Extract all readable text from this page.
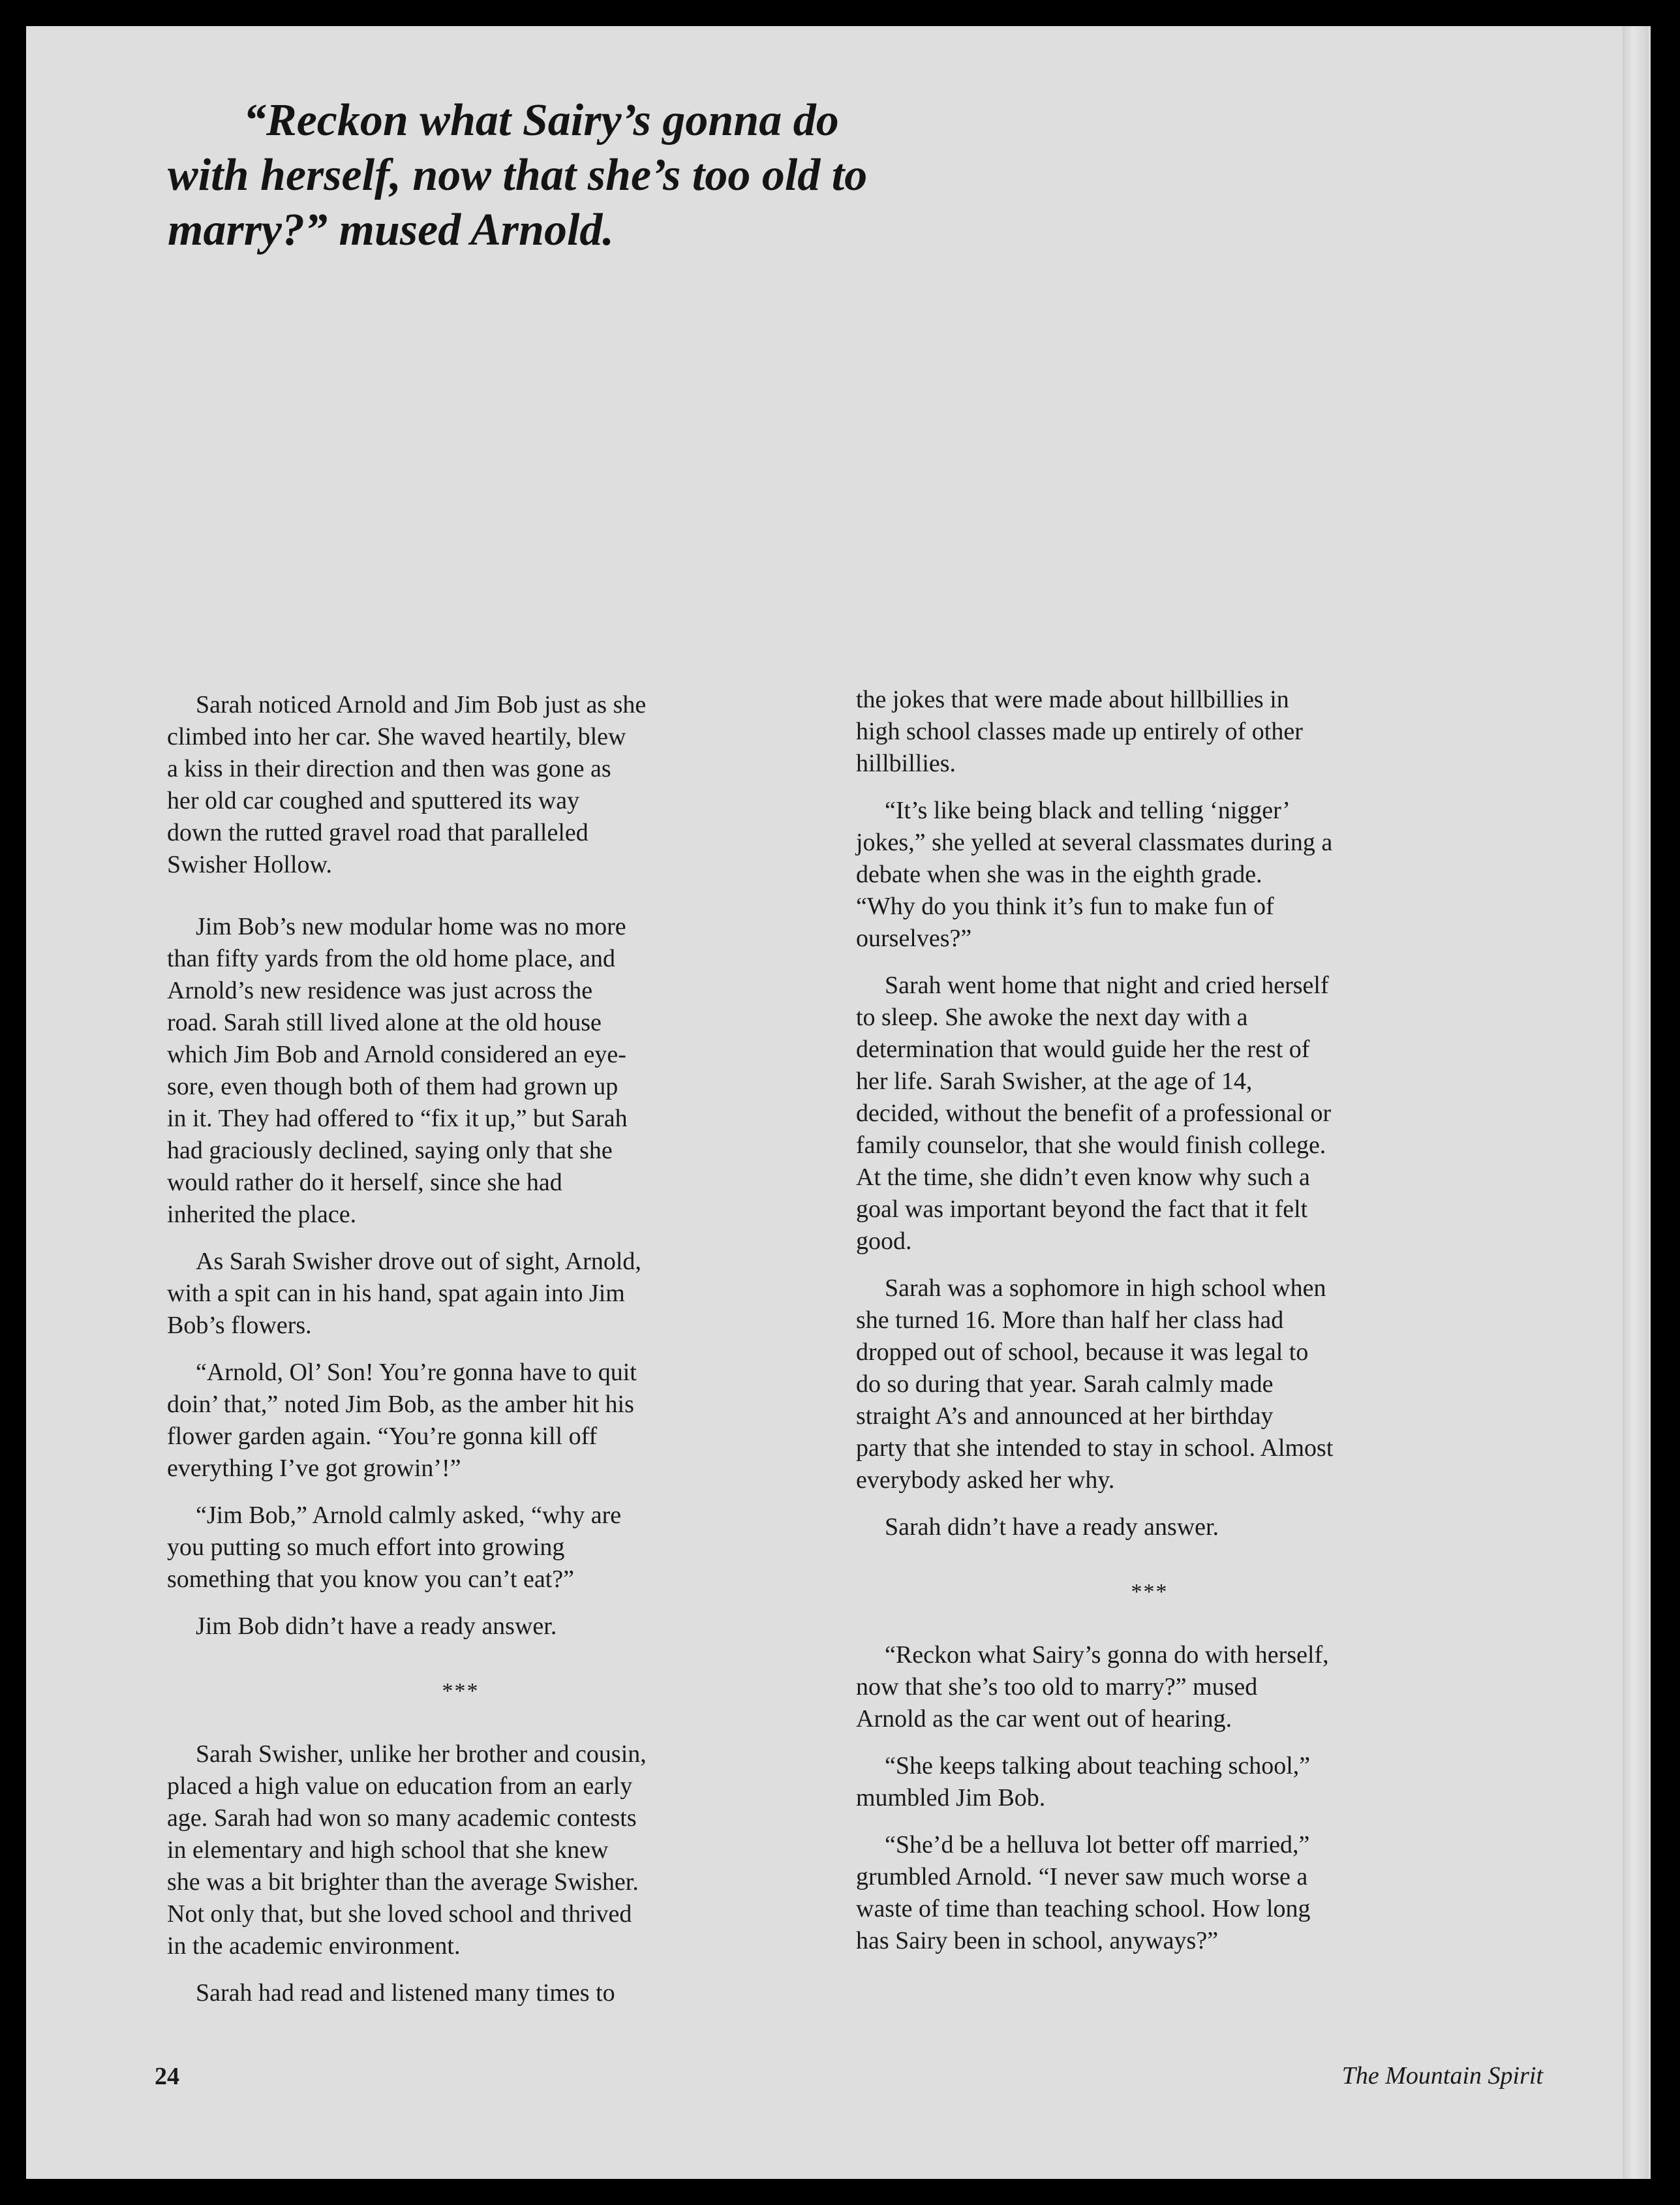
“Reckon what Sairy’s gonna do
with herself, now that she’s too old to
marry?” mused Arnold.

Sarah noticed Arnold and Jim Bob just as she
climbed into her car. She waved heartily, blew
a kiss in their direction and then was gone as
her old car coughed and sputtered its way
down the rutted gravel road that paralleled
Swisher Hollow.

Jim Bob’s new modular home was no more
than fifty yards from the old home place, and
Arnold’s new residence was just across the
road. Sarah still lived alone at the old house
which Jim Bob and Arnold considered an eye-
sore, even though both of them had grown up
in it. They had offered to “fix it up,” but Sarah
had graciously declined, saying only that she
would rather do it herself, since she had
inherited the place.

As Sarah Swisher drove out of sight, Arnold,
with a spit can in his hand, spat again into Jim
Bob’s flowers.

“Arnold, Ol’ Son! You’re gonna have to quit
doin’ that,” noted Jim Bob, as the amber hit his
flower garden again. “You’re gonna kill off
everything I’ve got growin’!”

“Jim Bob,” Arnold calmly asked, “why are
you putting so much effort into growing
something that you know you can’t eat?”

Jim Bob didn’t have a ready answer.

***

Sarah Swisher, unlike her brother and cousin,
placed a high value on education from an early
age. Sarah had won so many academic contests
in elementary and high school that she knew
she was a bit brighter than the average Swisher.
Not only that, but she loved school and thrived
in the academic environment.

Sarah had read and listened many times to

the jokes that were made about hillbillies in
high school classes made up entirely of other
hillbillies.

“It’s like being black and telling ‘nigger’
jokes,” she yelled at several classmates during a
debate when she was in the eighth grade.
“Why do you think it’s fun to make fun of
ourselves?”

Sarah went home that night and cried herself
to sleep. She awoke the next day with a
determination that would guide her the rest of
her life. Sarah Swisher, at the age of 14,
decided, without the benefit of a professional or
family counselor, that she would finish college.
At the time, she didn’t even know why such a
goal was important beyond the fact that it felt
good.

Sarah was a sophomore in high school when
she turned 16. More than half her class had
dropped out of school, because it was legal to
do so during that year. Sarah calmly made
straight A’s and announced at her birthday
party that she intended to stay in school. Almost
everybody asked her why.

Sarah didn’t have a ready answer.

***

“Reckon what Sairy’s gonna do with herself,
now that she’s too old to marry?” mused
Arnold as the car went out of hearing.

“She keeps talking about teaching school,”
mumbled Jim Bob.

“She’d be a helluva lot better off married,”
grumbled Arnold. “I never saw much worse a
waste of time than teaching school. How long
has Sairy been in school, anyways?”

24	The Mountain Spirit
